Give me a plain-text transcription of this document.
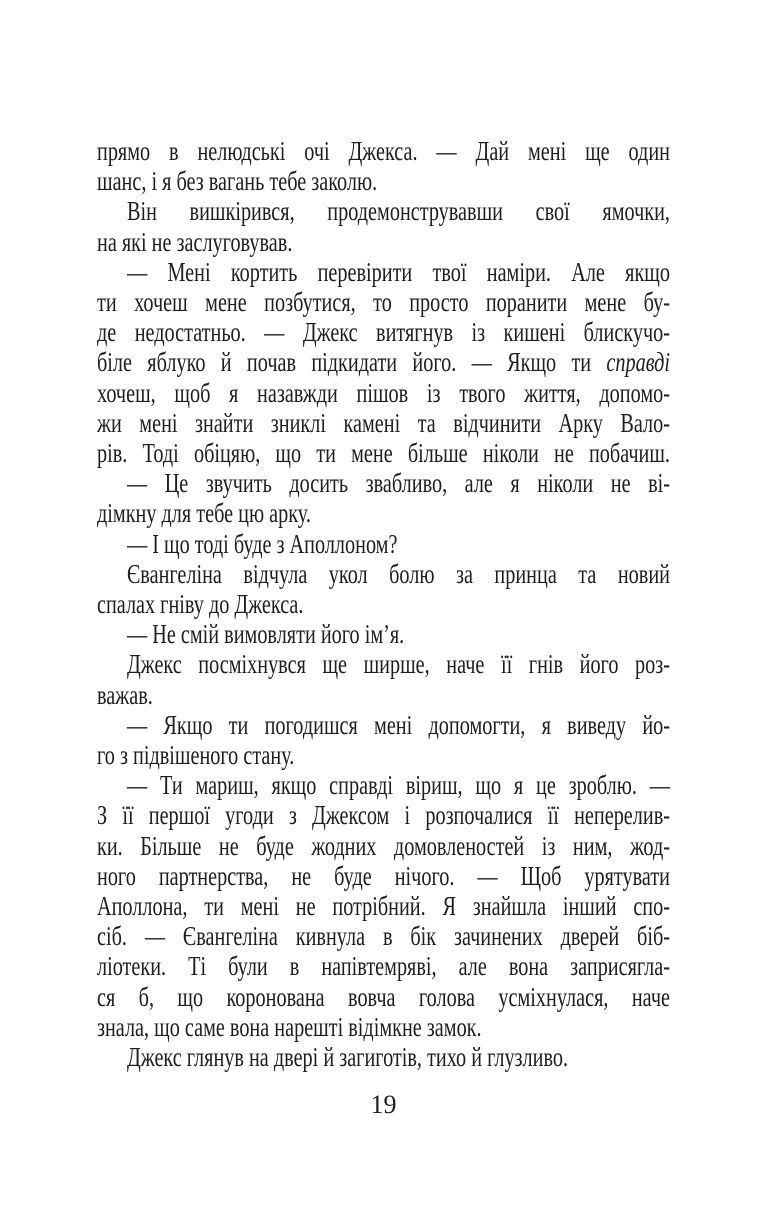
прямо в нелюдські очі Джекса. — Дай мені ще один
шанс, і я без вагань тебе заколю.
Він вишкірився, продемонструвавши свої ямочки,
на які не заслуговував.
— Мені кортить перевірити твої наміри. Але якщо
ти хочеш мене позбутися, то просто поранити мене бу-
де недостатньо. — Джекс витягнув із кишені блискучо-
біле яблуко й почав підкидати його. — Якщо ти справді
хочеш, щоб я назавжди пішов із твого життя, допомо-
жи мені знайти зниклі камені та відчинити Арку Вало-
рів. Тоді обіцяю, що ти мене більше ніколи не побачиш.
— Це звучить досить звабливо, але я ніколи не ві-
дімкну для тебе цю арку.
— І що тоді буде з Аполлоном?
Євангеліна відчула укол болю за принца та новий
спалах гніву до Джекса.
— Не смій вимовляти його ім’я.
Джекс посміхнувся ще ширше, наче її гнів його роз-
важав.
— Якщо ти погодишся мені допомогти, я виведу йо-
го з підвішеного стану.
— Ти мариш, якщо справді віриш, що я це зроблю. —
З її першої угоди з Джексом і розпочалися її неперелив-
ки. Більше не буде жодних домовленостей із ним, жод-
ного партнерства, не буде нічого. — Щоб урятувати
Аполлона, ти мені не потрібний. Я знайшла інший спо-
сіб. — Євангеліна кивнула в бік зачинених дверей біб-
ліотеки. Ті були в напівтемряві, але вона заприсягла-
ся б, що коронована вовча голова усміхнулася, наче
знала, що саме вона нарешті відімкне замок.
Джекс глянув на двері й загиготів, тихо й глузливо.
19
